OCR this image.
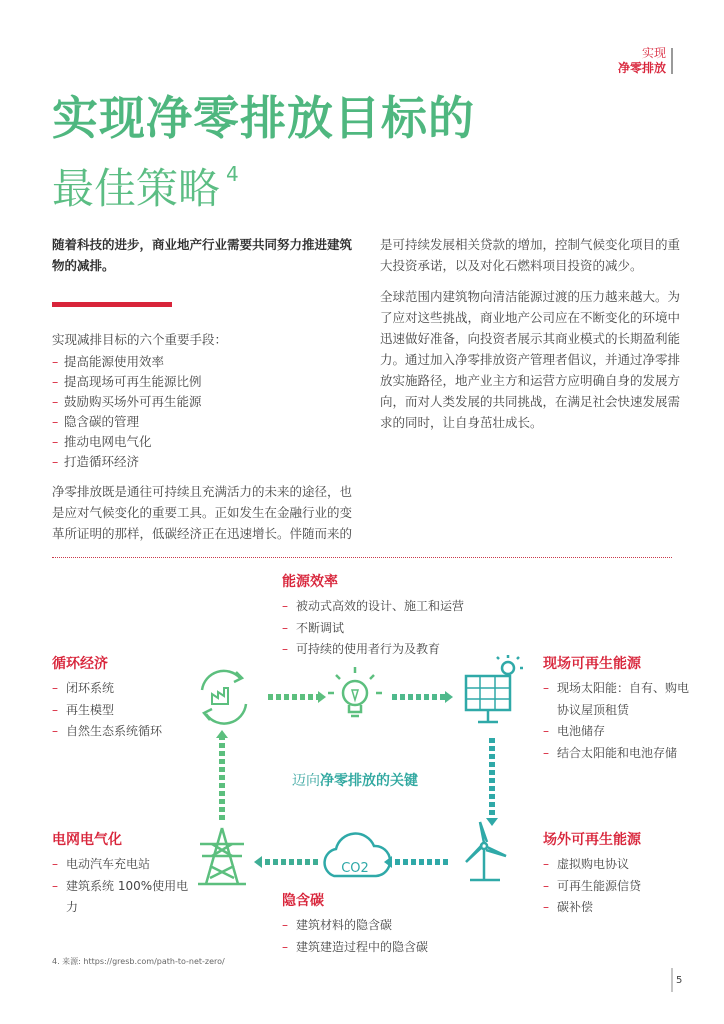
实现
净零排放
实现净零排放目标的
最佳策略 $^4$
随着科技的进步，商业地产行业需要共同努力推进建筑物的减排。
实现减排目标的六个重要手段：
– 提高能源使用效率
– 提高现场可再生能源比例
– 鼓励购买场外可再生能源
– 隐含碳的管理
– 推动电网电气化
– 打造循环经济
净零排放既是通往可持续且充满活力的未来的途径，也是应对气候变化的重要工具。正如发生在金融行业的变革所证明的那样，低碳经济正在迅速增长。伴随而来的

是可持续发展相关贷款的增加，控制气候变化项目的重大投资承诺，以及对化石燃料项目投资的减少。

全球范围内建筑物向清洁能源过渡的压力越来越大。为了应对这些挑战，商业地产公司应在不断变化的环境中迅速做好准备，向投资者展示其商业模式的长期盈利能力。通过加入净零排放资产管理者倡议，并通过净零排放实施路径，地产业主方和运营方应明确自身的发展方向，而对人类发展的共同挑战，在满足社会快速发展需求的同时，让自身茁壮成长。

CO2
能源效率
– 被动式高效的设计、施工和运营
– 不断调试
– 可持续的使用者行为及教育
循环经济
– 闭环系统
– 再生模型
– 自然生态系统循环
现场可再生能源
– 现场太阳能：自有、购电协议屋顶租赁
– 电池储存
– 结合太阳能和电池存储
迈向净零排放的关键
电网电气化
– 电动汽车充电站
– 建筑系统 100%使用电力
场外可再生能源
– 虚拟购电协议
– 可再生能源信贷
– 碳补偿
隐含碳
– 建筑材料的隐含碳
– 建筑建造过程中的隐含碳
4. 来源: https://gresb.com/path-to-net-zero/
5
